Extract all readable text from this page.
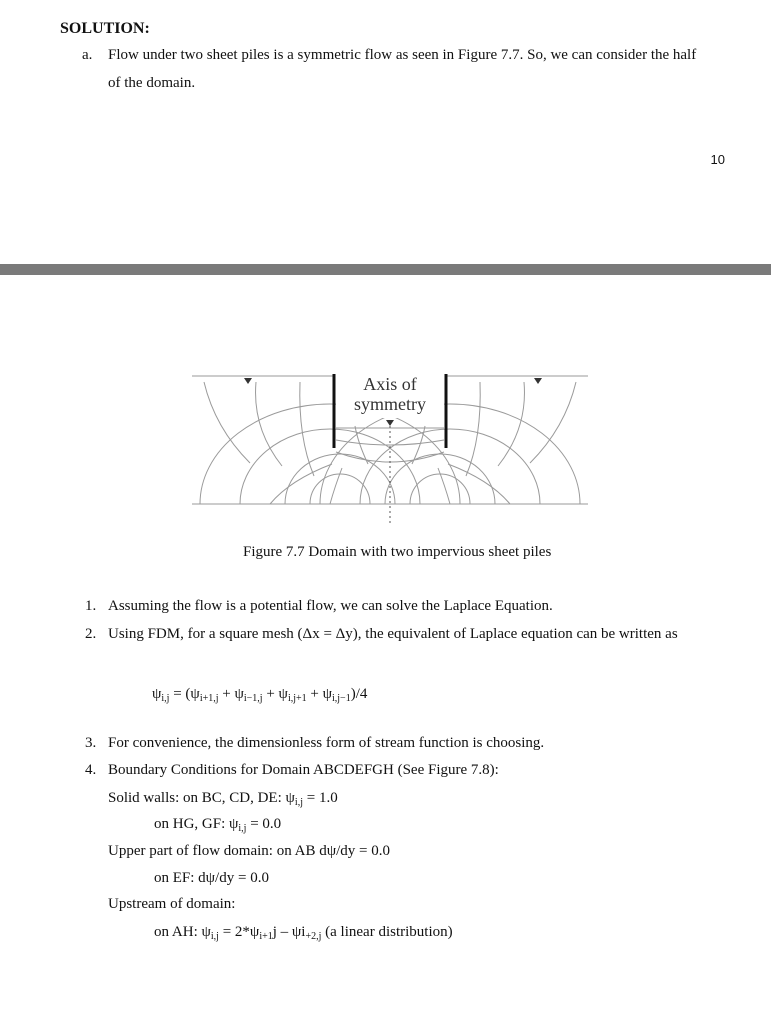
SOLUTION:
a. Flow under two sheet piles is a symmetric flow as seen in Figure 7.7. So, we can consider the half
of the domain.
10
Axis of
symmetry
Figure 7.7 Domain with two impervious sheet piles
1. Assuming the flow is a potential flow, we can solve the Laplace Equation.
2. Using FDM, for a square mesh (Δx = Δy), the equivalent of Laplace equation can be written as
$\psi_{i,j} = (\psi_{i+1,j} + \psi_{i-1,j} + \psi_{i,j+1} + \psi_{i,j-1})/4$
3. For convenience, the dimensionless form of stream function is choosing.
4. Boundary Conditions for Domain ABCDEFGH (See Figure 7.8):
Solid walls: on BC, CD, DE: $\psi_{i,j} = 1.0$
on HG, GF: $\psi_{i,j} = 0.0$
Upper part of flow domain: on AB dψ/dy = 0.0
on EF: dψ/dy = 0.0
Upstream of domain:
on AH: $\psi_{i,j} = 2*\psi_{i+1}j - \psi i_{+2,j}$ (a linear distribution)
